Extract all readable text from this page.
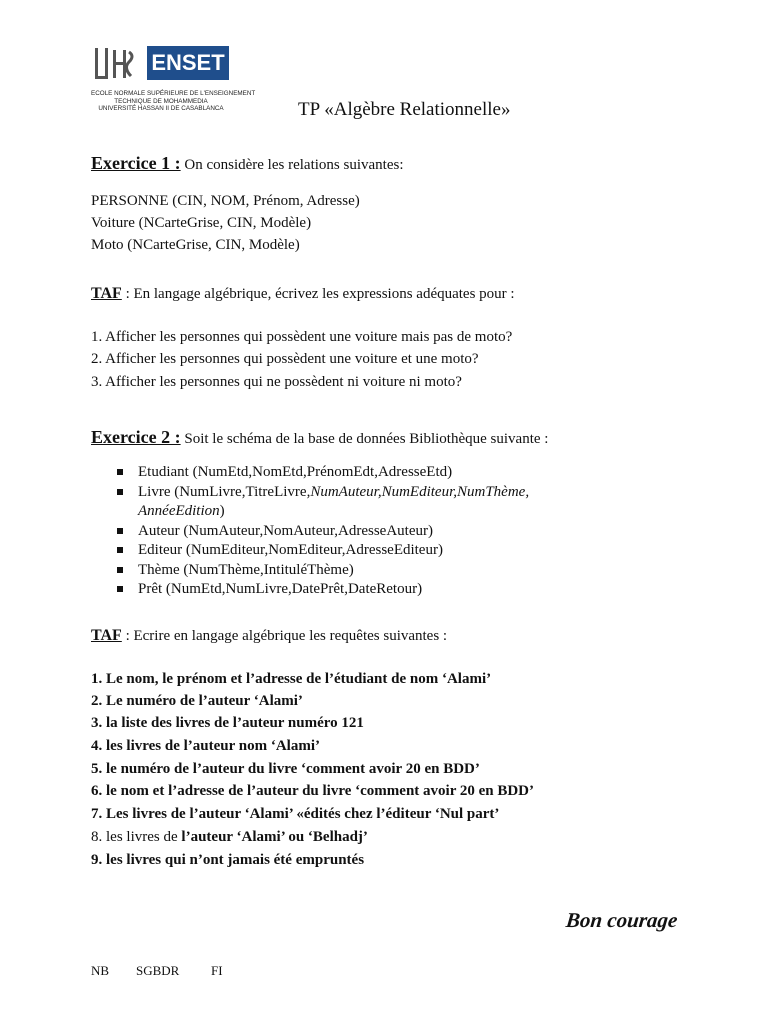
ENSET
ECOLE NORMALE SUPÉRIEURE DE L'ENSEIGNEMENT
TECHNIQUE DE MOHAMMEDIA
UNIVERSITÉ HASSAN II DE CASABLANCA	TP «Algèbre Relationnelle»
Exercice 1 : On considère les relations suivantes:
PERSONNE (CIN, NOM, Prénom, Adresse)
Voiture (NCarteGrise, CIN, Modèle)
Moto (NCarteGrise, CIN, Modèle)
TAF : En langage algébrique, écrivez les expressions adéquates pour :
1. Afficher les personnes qui possèdent une voiture mais pas de moto?
2. Afficher les personnes qui possèdent une voiture et une moto?
3. Afficher les personnes qui ne possèdent ni voiture ni moto?
Exercice 2 : Soit le schéma de la base de données Bibliothèque suivante :
Etudiant (NumEtd,NomEtd,PrénomEdt,AdresseEtd)
Livre (NumLivre,TitreLivre,NumAuteur,NumEditeur,NumThème,
AnnéeEdition)
Auteur (NumAuteur,NomAuteur,AdresseAuteur)
Editeur (NumEditeur,NomEditeur,AdresseEditeur)
Thème (NumThème,IntituléThème)
Prêt (NumEtd,NumLivre,DatePrêt,DateRetour)
TAF : Ecrire en langage algébrique les requêtes suivantes :
1. Le nom, le prénom et l’adresse de l’étudiant de nom ‘Alami’
2. Le numéro de l’auteur ‘Alami’
3. la liste des livres de l’auteur numéro 121
4. les livres de l’auteur nom ‘Alami’
5. le numéro de l’auteur du livre ‘comment avoir 20 en BDD’
6. le nom et l’adresse de l’auteur du livre ‘comment avoir 20 en BDD’
7. Les livres de l’auteur ‘Alami’ «édités chez l’éditeur ‘Nul part’
8. les livres de l’auteur ‘Alami’ ou ‘Belhadj’
9. les livres qui n’ont jamais été empruntés
Bon courage
NB SGBDR FI
